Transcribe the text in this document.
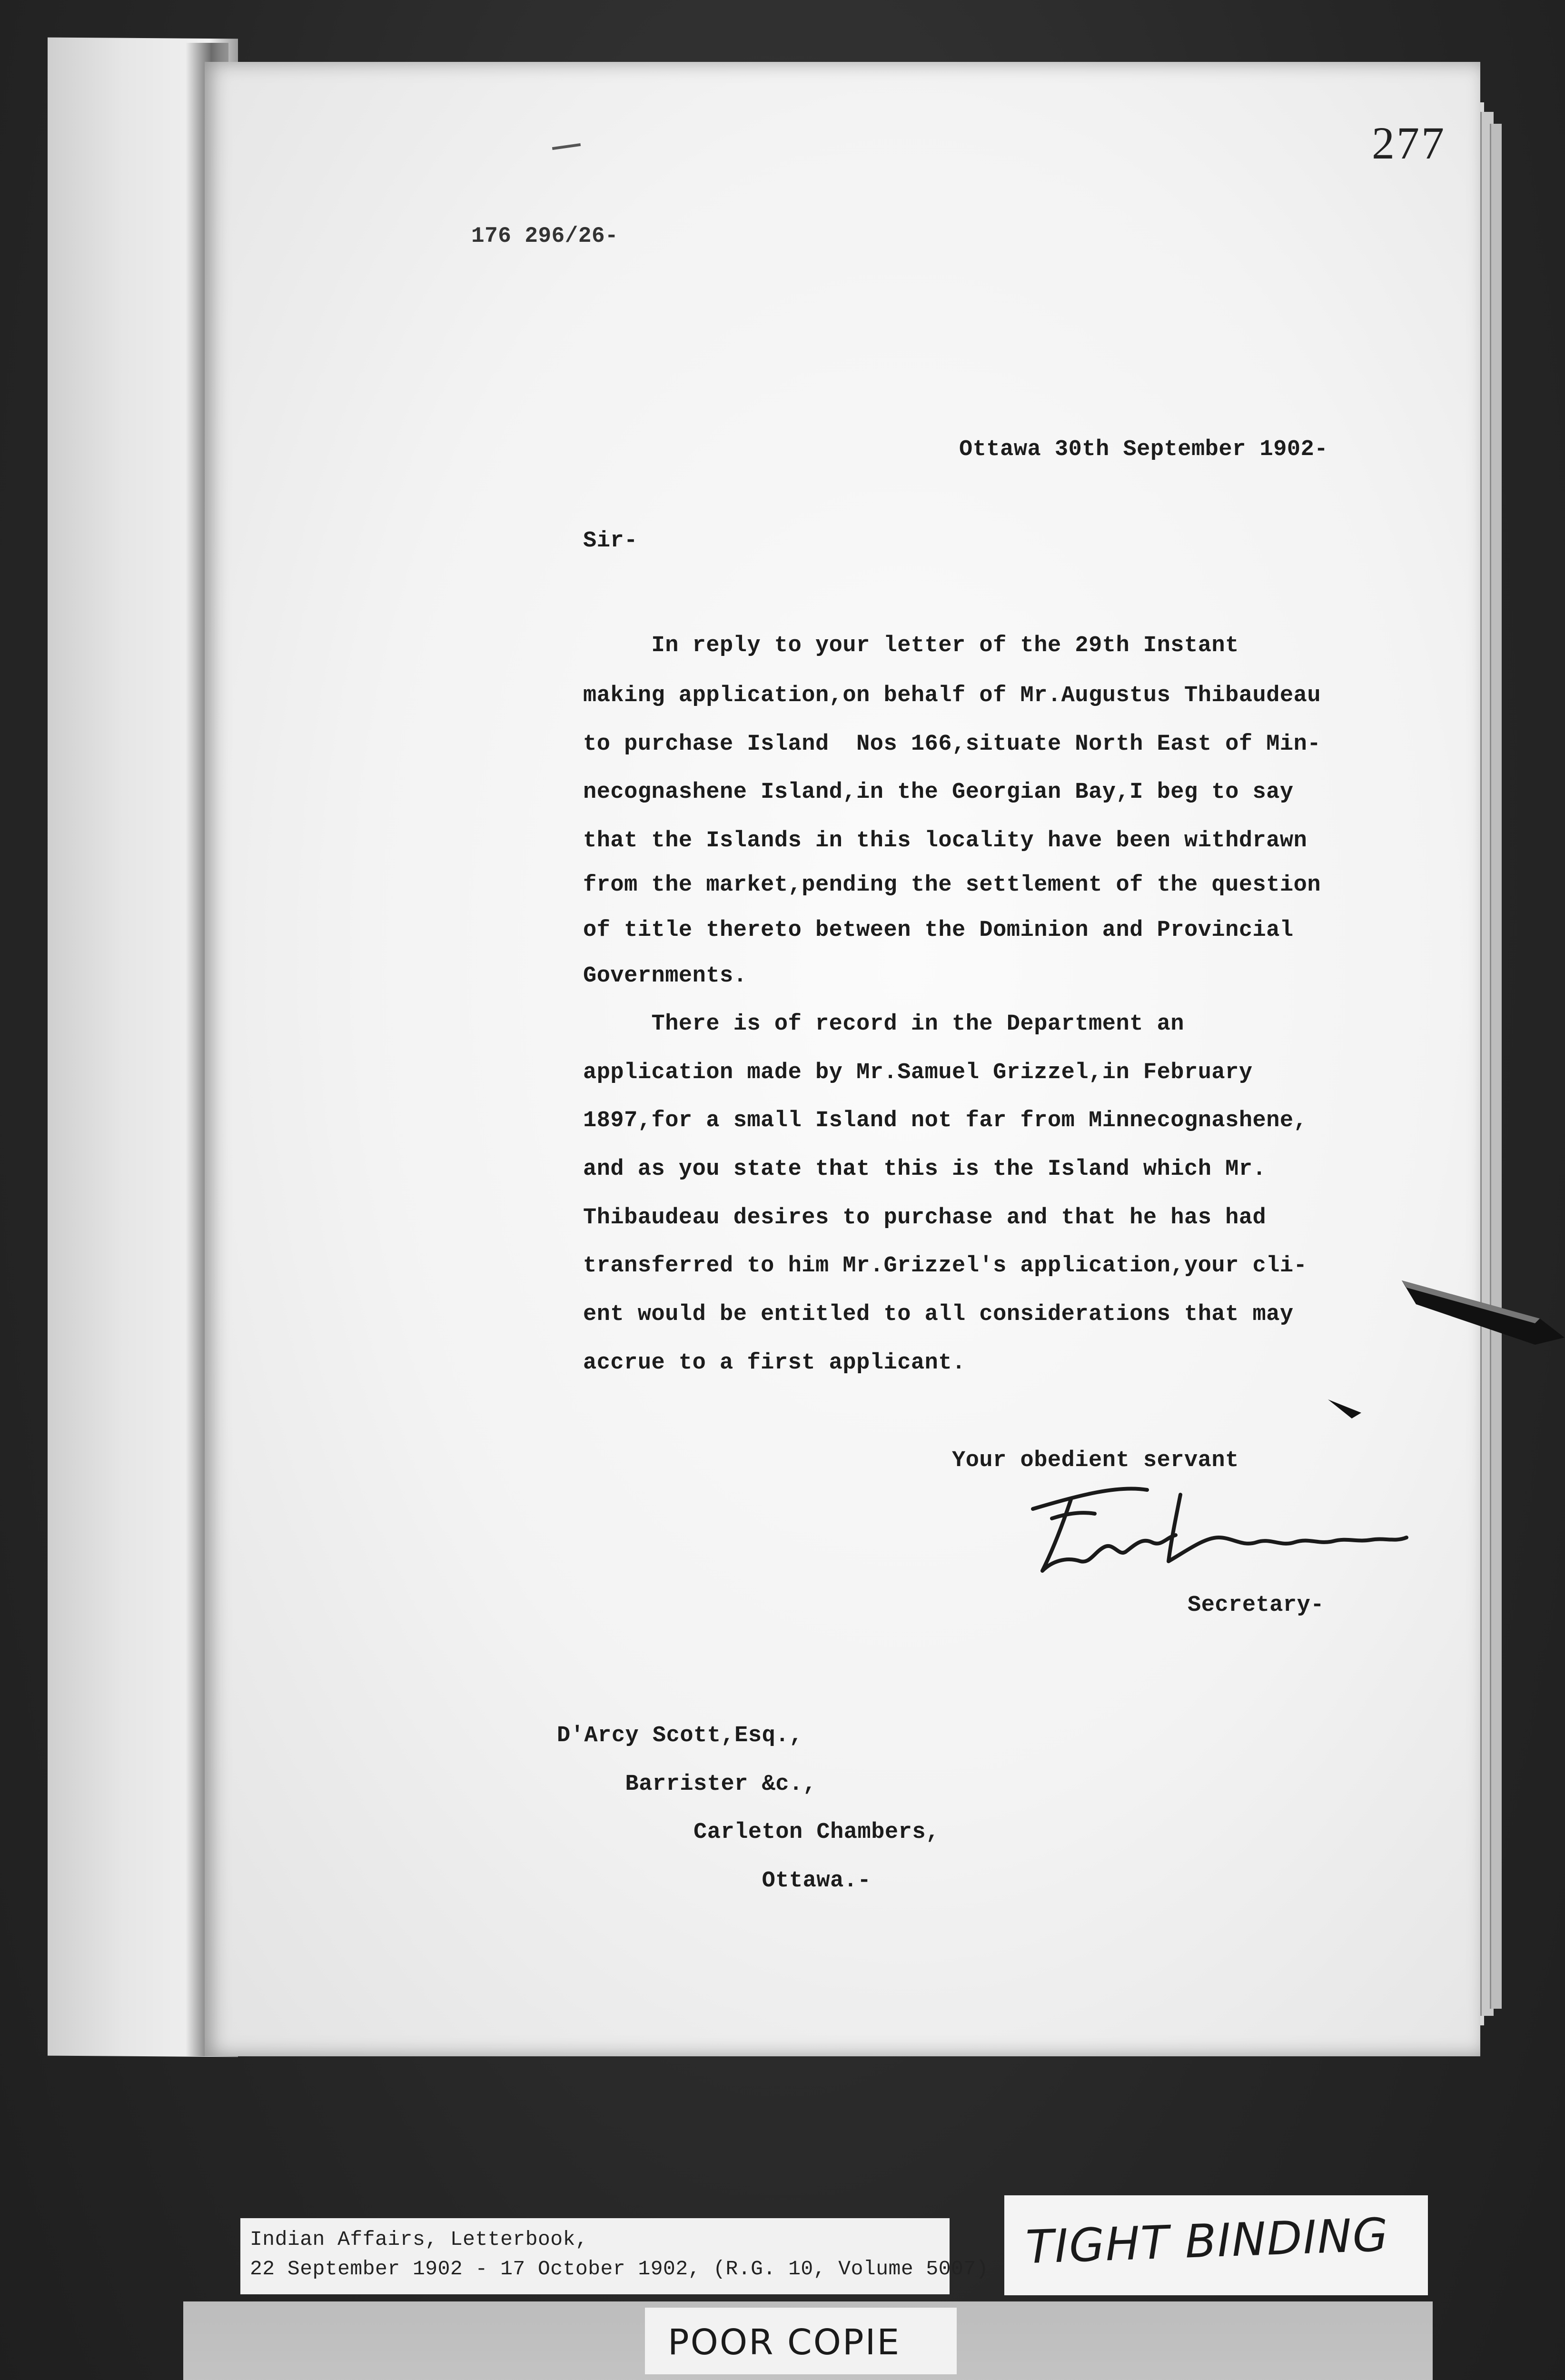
277
176 296/26-
Ottawa 30th September 1902-
Sir-
In reply to your letter of the 29th Instant
making application,on behalf of Mr.Augustus Thibaudeau
to purchase Island  Nos 166,situate North East of Min-
necognashene Island,in the Georgian Bay,I beg to say
that the Islands in this locality have been withdrawn
from the market,pending the settlement of the question
of title thereto between the Dominion and Provincial
Governments.
There is of record in the Department an
application made by Mr.Samuel Grizzel,in February
1897,for a small Island not far from Minnecognashene,
and as you state that this is the Island which Mr.
Thibaudeau desires to purchase and that he has had
transferred to him Mr.Grizzel's application,your cli-
ent would be entitled to all considerations that may
accrue to a first applicant.
Your obedient servant
Secretary-
D'Arcy Scott,Esq.,
Barrister &c.,
Carleton Chambers,
Ottawa.-
Indian Affairs, Letterbook,
22 September 1902 - 17 October 1902, (R.G. 10, Volume 5007) TIGHT BINDING
POOR COPIE
